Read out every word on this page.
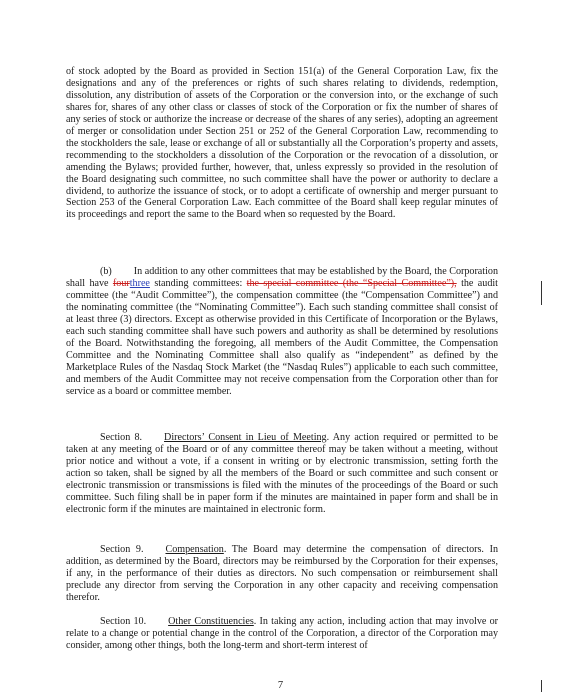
of stock adopted by the Board as provided in Section 151(a) of the General Corporation Law, fix the designations and any of the preferences or rights of such shares relating to dividends, redemption, dissolution, any distribution of assets of the Corporation or the conversion into, or the exchange of such shares for, shares of any other class or classes of stock of the Corporation or fix the number of shares of any series of stock or authorize the increase or decrease of the shares of any series), adopting an agreement of merger or consolidation under Section 251 or 252 of the General Corporation Law, recommending to the stockholders the sale, lease or exchange of all or substantially all the Corporation’s property and assets, recommending to the stockholders a dissolution of the Corporation or the revocation of a dissolution, or amending the Bylaws; provided further, however, that, unless expressly so provided in the resolution of the Board designating such committee, no such committee shall have the power or authority to declare a dividend, to authorize the issuance of stock, or to adopt a certificate of ownership and merger pursuant to Section 253 of the General Corporation Law. Each committee of the Board shall keep regular minutes of its proceedings and report the same to the Board when so requested by the Board.

(b) In addition to any other committees that may be established by the Board, the Corporation shall have fourthree standing committees: the special committee (the “Special Committee”), the audit committee (the “Audit Committee”), the compensation committee (the “Compensation Committee”) and the nominating committee (the “Nominating Committee”). Each such standing committee shall consist of at least three (3) directors. Except as otherwise provided in this Certificate of Incorporation or the Bylaws, each such standing committee shall have such powers and authority as shall be determined by resolutions of the Board. Notwithstanding the foregoing, all members of the Audit Committee, the Compensation Committee and the Nominating Committee shall also qualify as “independent” as defined by the Marketplace Rules of the Nasdaq Stock Market (the “Nasdaq Rules”) applicable to each such committee, and members of the Audit Committee may not receive compensation from the Corporation other than for service as a board or committee member.

Section 8. Directors’ Consent in Lieu of Meeting. Any action required or permitted to be taken at any meeting of the Board or of any committee thereof may be taken without a meeting, without prior notice and without a vote, if a consent in writing or by electronic transmission, setting forth the action so taken, shall be signed by all the members of the Board or such committee and such consent or electronic transmission or transmissions is filed with the minutes of the proceedings of the Board or such committee. Such filing shall be in paper form if the minutes are maintained in paper form and shall be in electronic form if the minutes are maintained in electronic form.

Section 9. Compensation. The Board may determine the compensation of directors. In addition, as determined by the Board, directors may be reimbursed by the Corporation for their expenses, if any, in the performance of their duties as directors. No such compensation or reimbursement shall preclude any director from serving the Corporation in any other capacity and receiving compensation therefor.

Section 10. Other Constituencies. In taking any action, including action that may involve or relate to a change or potential change in the control of the Corporation, a director of the Corporation may consider, among other things, both the long-term and short-term interest of

7
